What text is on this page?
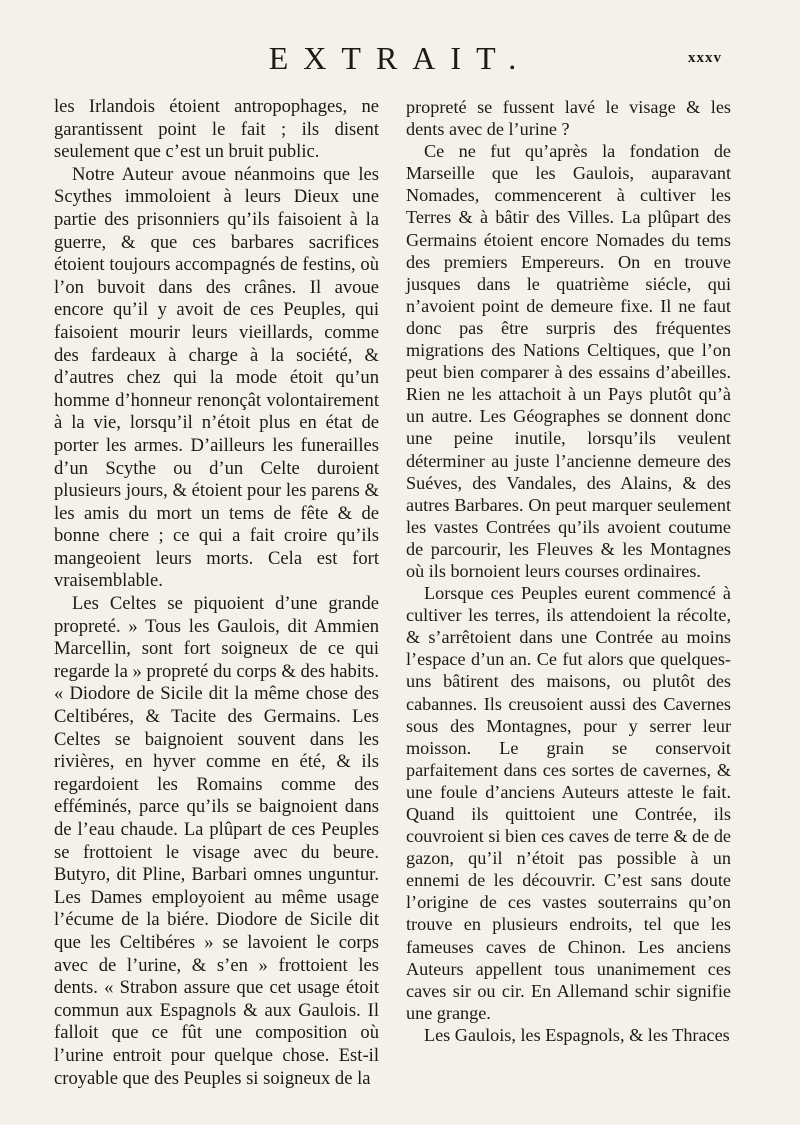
EXTRAIT.	xxxv

les Irlandois étoient antropophages, ne garantissent point le fait ; ils disent seulement que c’est un bruit public.

Notre Auteur avoue néanmoins que les Scythes immoloient à leurs Dieux une partie des prisonniers qu’ils faisoient à la guerre, & que ces barbares sacrifices étoient toujours accompagnés de festins, où l’on buvoit dans des crânes. Il avoue encore qu’il y avoit de ces Peuples, qui faisoient mourir leurs vieillards, comme des fardeaux à charge à la société, & d’autres chez qui la mode étoit qu’un homme d’honneur renonçât volontairement à la vie, lorsqu’il n’étoit plus en état de porter les armes. D’ailleurs les funerailles d’un Scythe ou d’un Celte duroient plusieurs jours, & étoient pour les parens & les amis du mort un tems de fête & de bonne chere ; ce qui a fait croire qu’ils mangeoient leurs morts. Cela est fort vraisemblable.

Les Celtes se piquoient d’une grande propreté. » Tous les Gaulois, dit Ammien Marcellin, sont fort soigneux de ce qui regarde la » propreté du corps & des habits. « Diodore de Sicile dit la même chose des Celtibéres, & Tacite des Germains. Les Celtes se baignoient souvent dans les rivières, en hyver comme en été, & ils regardoient les Romains comme des efféminés, parce qu’ils se baignoient dans de l’eau chaude. La plûpart de ces Peuples se frottoient le visage avec du beure. Butyro, dit Pline, Barbari omnes unguntur. Les Dames employoient au même usage l’écume de la biére. Diodore de Sicile dit que les Celtibéres » se lavoient le corps avec de l’urine, & s’en » frottoient les dents. « Strabon assure que cet usage étoit commun aux Espagnols & aux Gaulois. Il falloit que ce fût une composition où l’urine entroit pour quelque chose. Est-il croyable que des Peuples si soigneux de la

propreté se fussent lavé le visage & les dents avec de l’urine ?

Ce ne fut qu’après la fondation de Marseille que les Gaulois, auparavant Nomades, commencerent à cultiver les Terres & à bâtir des Villes. La plûpart des Germains étoient encore Nomades du tems des premiers Empereurs. On en trouve jusques dans le quatrième siécle, qui n’avoient point de demeure fixe. Il ne faut donc pas être surpris des fréquentes migrations des Nations Celtiques, que l’on peut bien comparer à des essains d’abeilles. Rien ne les attachoit à un Pays plutôt qu’à un autre. Les Géographes se donnent donc une peine inutile, lorsqu’ils veulent déterminer au juste l’ancienne demeure des Suéves, des Vandales, des Alains, & des autres Barbares. On peut marquer seulement les vastes Contrées qu’ils avoient coutume de parcourir, les Fleuves & les Montagnes où ils bornoient leurs courses ordinaires.

Lorsque ces Peuples eurent commencé à cultiver les terres, ils attendoient la récolte, & s’arrêtoient dans une Contrée au moins l’espace d’un an. Ce fut alors que quelques-uns bâtirent des maisons, ou plutôt des cabannes. Ils creusoient aussi des Cavernes sous des Montagnes, pour y serrer leur moisson. Le grain se conservoit parfaitement dans ces sortes de cavernes, & une foule d’anciens Auteurs atteste le fait. Quand ils quittoient une Contrée, ils couvroient si bien ces caves de terre & de de gazon, qu’il n’étoit pas possible à un ennemi de les découvrir. C’est sans doute l’origine de ces vastes souterrains qu’on trouve en plusieurs endroits, tel que les fameuses caves de Chinon. Les anciens Auteurs appellent tous unanimement ces caves sir ou cir. En Allemand schir signifie une grange.

Les Gaulois, les Espagnols, & les Thraces
